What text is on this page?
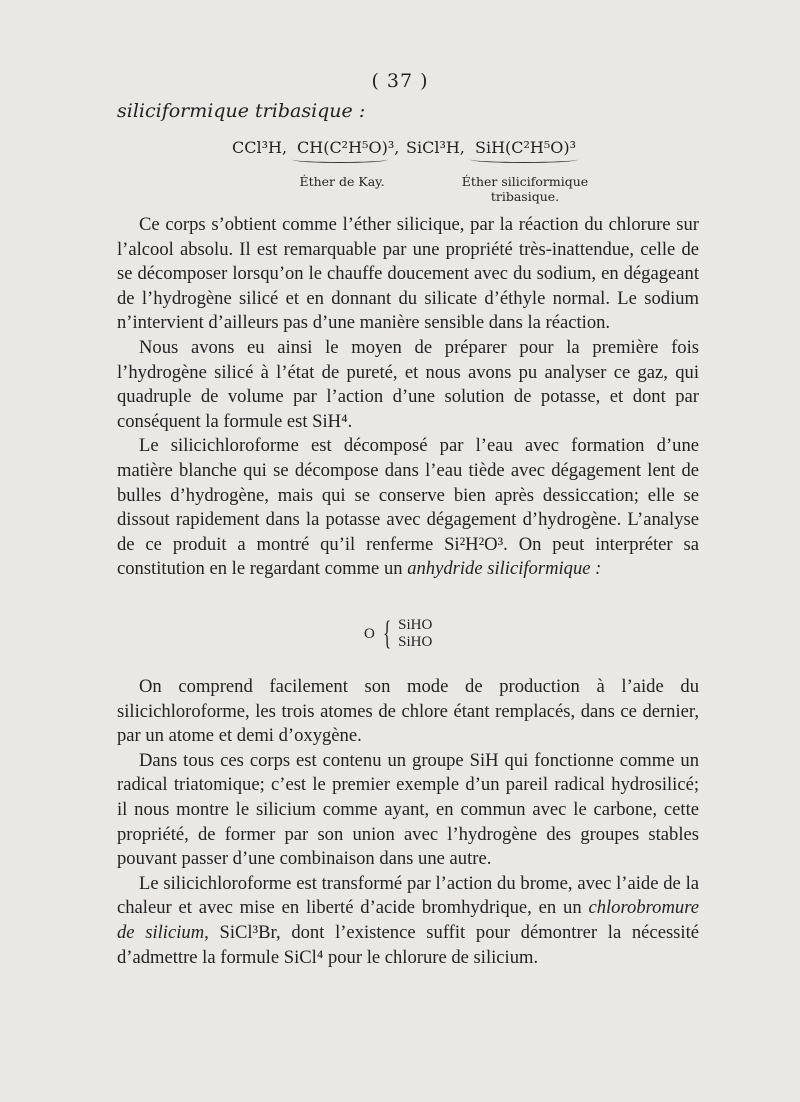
( 37 )
siliciformique tribasique :
CCl³H, CH(C²H⁵O)³, SiCl³H, SiH(C²H⁵O)³
Éther de Kay.	Éther siliciformique
tribasique.

Ce corps s’obtient comme l’éther silicique, par la réaction du chlorure sur l’alcool absolu. Il est remarquable par une propriété très-inattendue, celle de se décomposer lorsqu’on le chauffe doucement avec du sodium, en dégageant de l’hydrogène silicé et en donnant du silicate d’éthyle normal. Le sodium n’intervient d’ailleurs pas d’une manière sensible dans la réaction.

Nous avons eu ainsi le moyen de préparer pour la première fois l’hydrogène silicé à l’état de pureté, et nous avons pu analyser ce gaz, qui quadruple de volume par l’action d’une solution de potasse, et dont par conséquent la formule est SiH⁴.

Le silicichloroforme est décomposé par l’eau avec formation d’une matière blanche qui se décompose dans l’eau tiède avec dégagement lent de bulles d’hydrogène, mais qui se conserve bien après dessiccation; elle se dissout rapidement dans la potasse avec dégagement d’hydrogène. L’analyse de ce produit a montré qu’il renferme Si²H²O³. On peut interpréter sa constitution en le regardant comme un anhydride siliciformique :

O { SiHO
SiHO

On comprend facilement son mode de production à l’aide du silicichloroforme, les trois atomes de chlore étant remplacés, dans ce dernier, par un atome et demi d’oxygène.

Dans tous ces corps est contenu un groupe SiH qui fonctionne comme un radical triatomique; c’est le premier exemple d’un pareil radical hydrosilicé; il nous montre le silicium comme ayant, en commun avec le carbone, cette propriété, de former par son union avec l’hydrogène des groupes stables pouvant passer d’une combinaison dans une autre.

Le silicichloroforme est transformé par l’action du brome, avec l’aide de la chaleur et avec mise en liberté d’acide bromhydrique, en un chlorobromure de silicium, SiCl³Br, dont l’existence suffit pour démontrer la nécessité d’admettre la formule SiCl⁴ pour le chlorure de silicium.
